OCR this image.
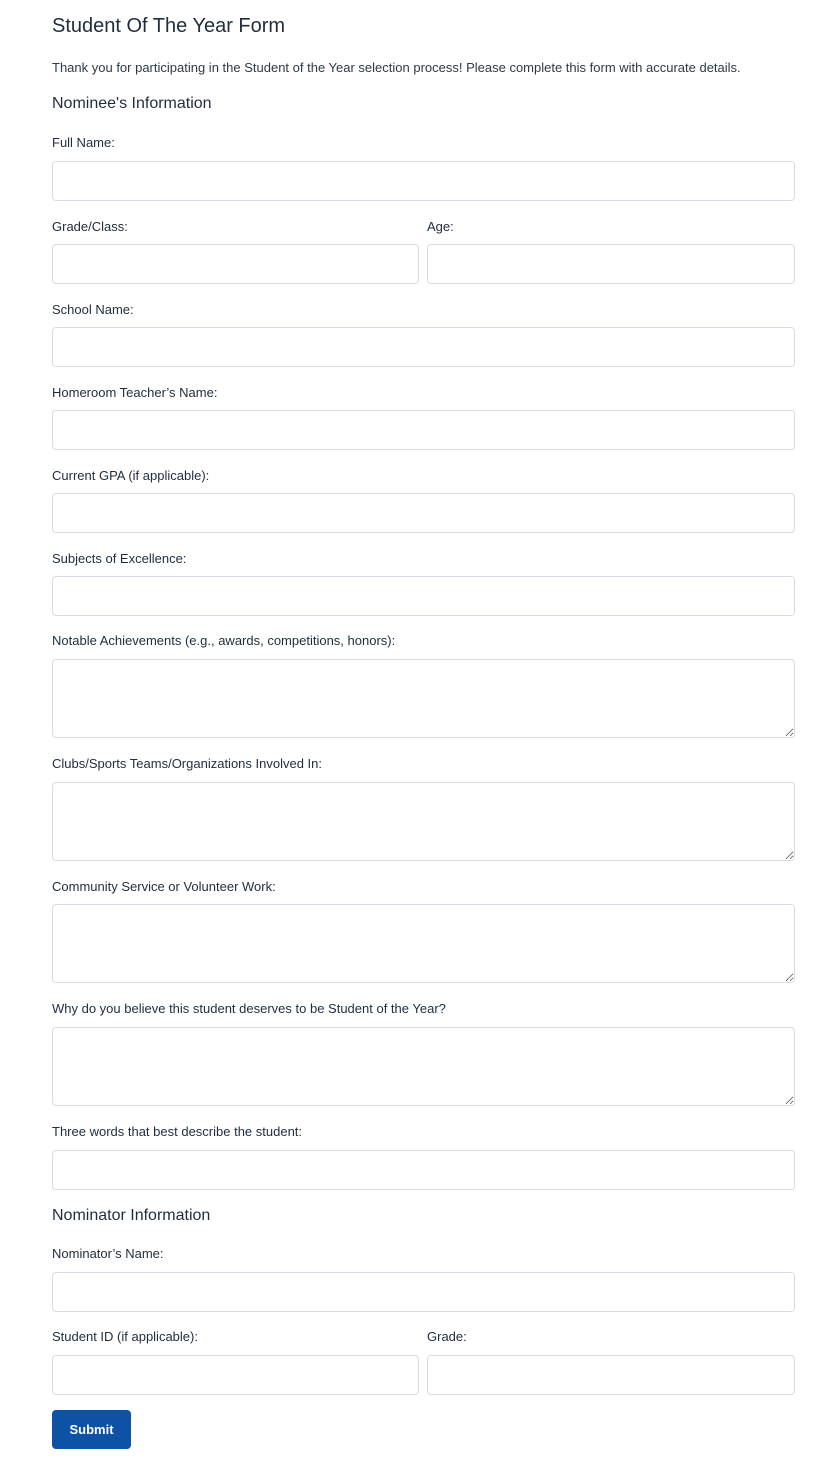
Student Of The Year Form

Thank you for participating in the Student of the Year selection process! Please complete this form with accurate details.

Nominee's Information
Full Name:
Grade/Class:	Age:
School Name:
Homeroom Teacher’s Name:
Current GPA (if applicable):
Subjects of Excellence:
Notable Achievements (e.g., awards, competitions, honors):
Clubs/Sports Teams/Organizations Involved In:
Community Service or Volunteer Work:
Why do you believe this student deserves to be Student of the Year?
Three words that best describe the student:
Nominator Information
Nominator’s Name:
Student ID (if applicable):	Grade:
Submit
